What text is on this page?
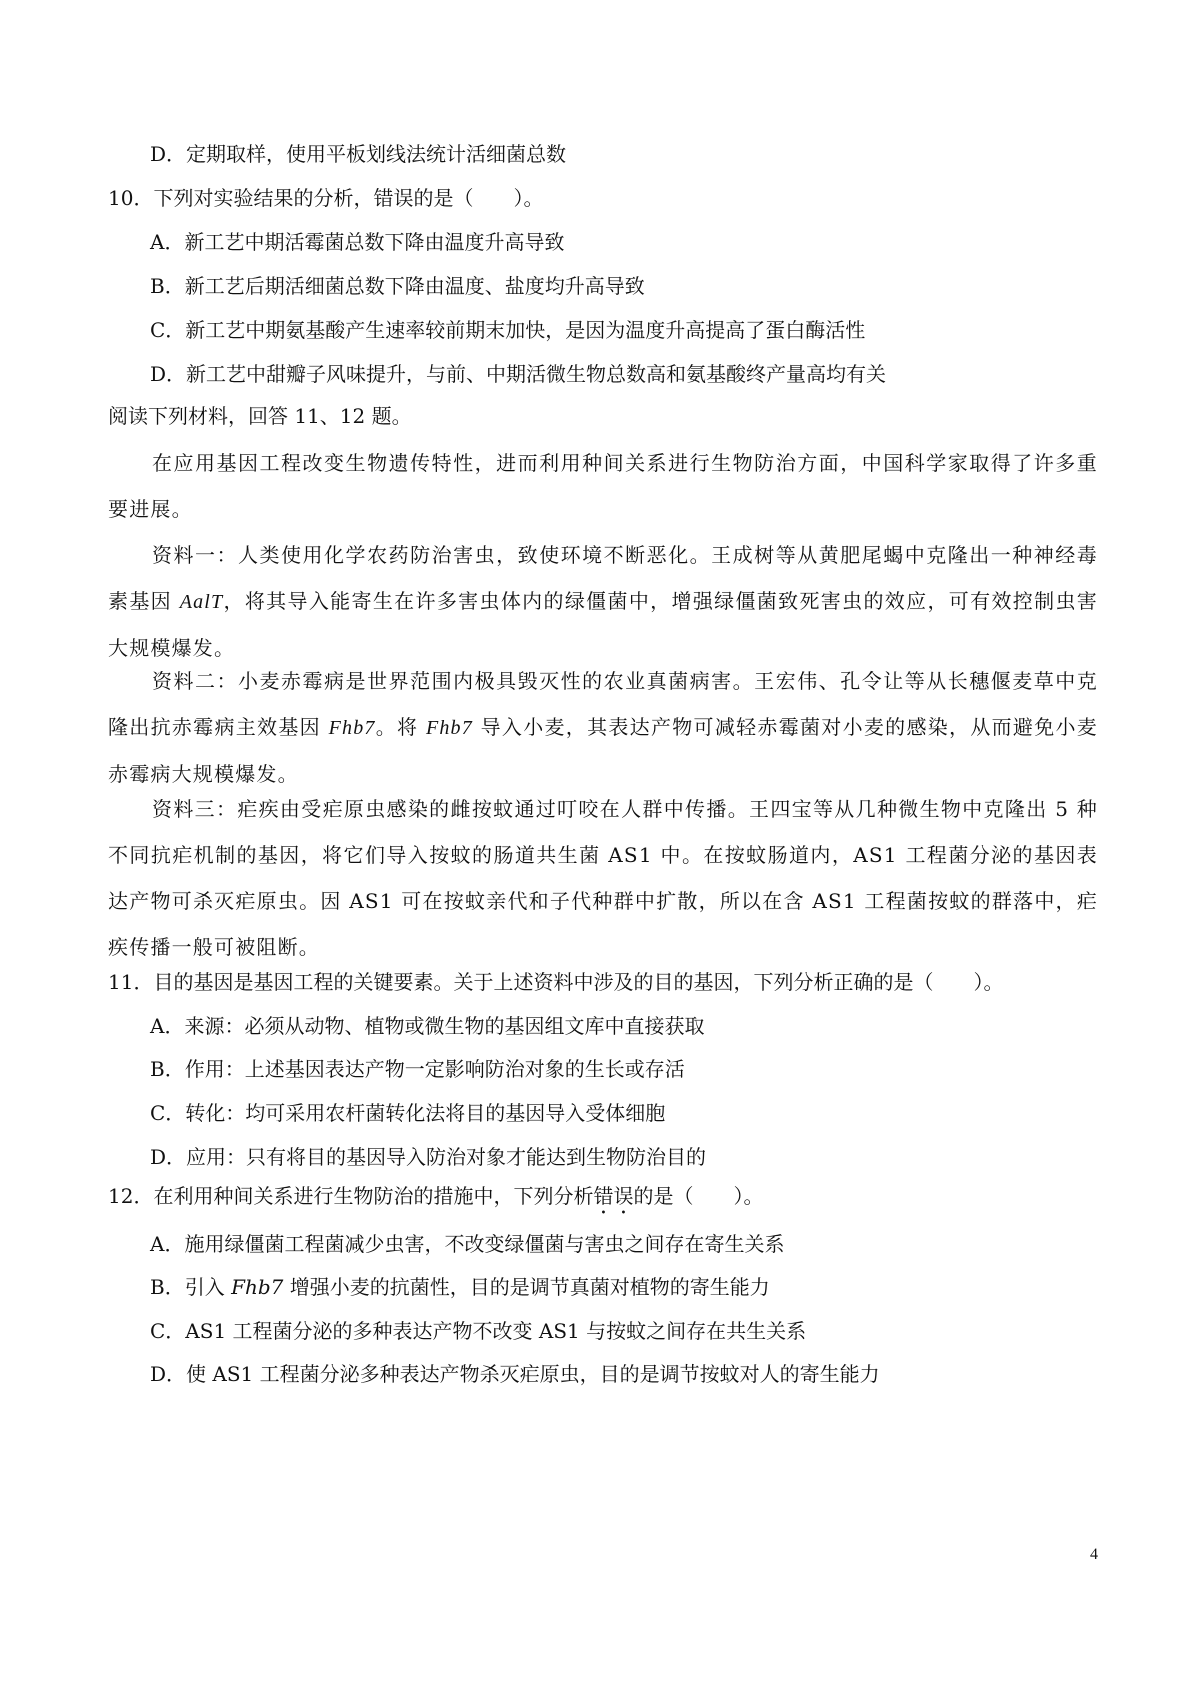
D．定期取样，使用平板划线法统计活细菌总数
10．下列对实验结果的分析，错误的是（　　）。
A．新工艺中期活霉菌总数下降由温度升高导致
B．新工艺后期活细菌总数下降由温度、盐度均升高导致
C．新工艺中期氨基酸产生速率较前期末加快，是因为温度升高提高了蛋白酶活性
D．新工艺中甜瓣子风味提升，与前、中期活微生物总数高和氨基酸终产量高均有关
阅读下列材料，回答 11、12 题。
在应用基因工程改变生物遗传特性，进而利用种间关系进行生物防治方面，中国科学家取得了许多重要进展。
资料一：人类使用化学农药防治害虫，致使环境不断恶化。王成树等从黄肥尾蝎中克隆出一种神经毒素基因 AalT，将其导入能寄生在许多害虫体内的绿僵菌中，增强绿僵菌致死害虫的效应，可有效控制虫害大规模爆发。
资料二：小麦赤霉病是世界范围内极具毁灭性的农业真菌病害。王宏伟、孔令让等从长穗偃麦草中克隆出抗赤霉病主效基因 Fhb7。将 Fhb7 导入小麦，其表达产物可减轻赤霉菌对小麦的感染，从而避免小麦赤霉病大规模爆发。
资料三：疟疾由受疟原虫感染的雌按蚊通过叮咬在人群中传播。王四宝等从几种微生物中克隆出 5 种不同抗疟机制的基因，将它们导入按蚊的肠道共生菌 AS1 中。在按蚊肠道内，AS1 工程菌分泌的基因表达产物可杀灭疟原虫。因 AS1 可在按蚊亲代和子代种群中扩散，所以在含 AS1 工程菌按蚊的群落中，疟疾传播一般可被阻断。
11．目的基因是基因工程的关键要素。关于上述资料中涉及的目的基因，下列分析正确的是（　　）。
A．来源：必须从动物、植物或微生物的基因组文库中直接获取
B．作用：上述基因表达产物一定影响防治对象的生长或存活
C．转化：均可采用农杆菌转化法将目的基因导入受体细胞
D．应用：只有将目的基因导入防治对象才能达到生物防治目的
12．在利用种间关系进行生物防治的措施中，下列分析错误的是（　　）。
A．施用绿僵菌工程菌减少虫害，不改变绿僵菌与害虫之间存在寄生关系
B．引入 Fhb7 增强小麦的抗菌性，目的是调节真菌对植物的寄生能力
C．AS1 工程菌分泌的多种表达产物不改变 AS1 与按蚊之间存在共生关系
D．使 AS1 工程菌分泌多种表达产物杀灭疟原虫，目的是调节按蚊对人的寄生能力
4
